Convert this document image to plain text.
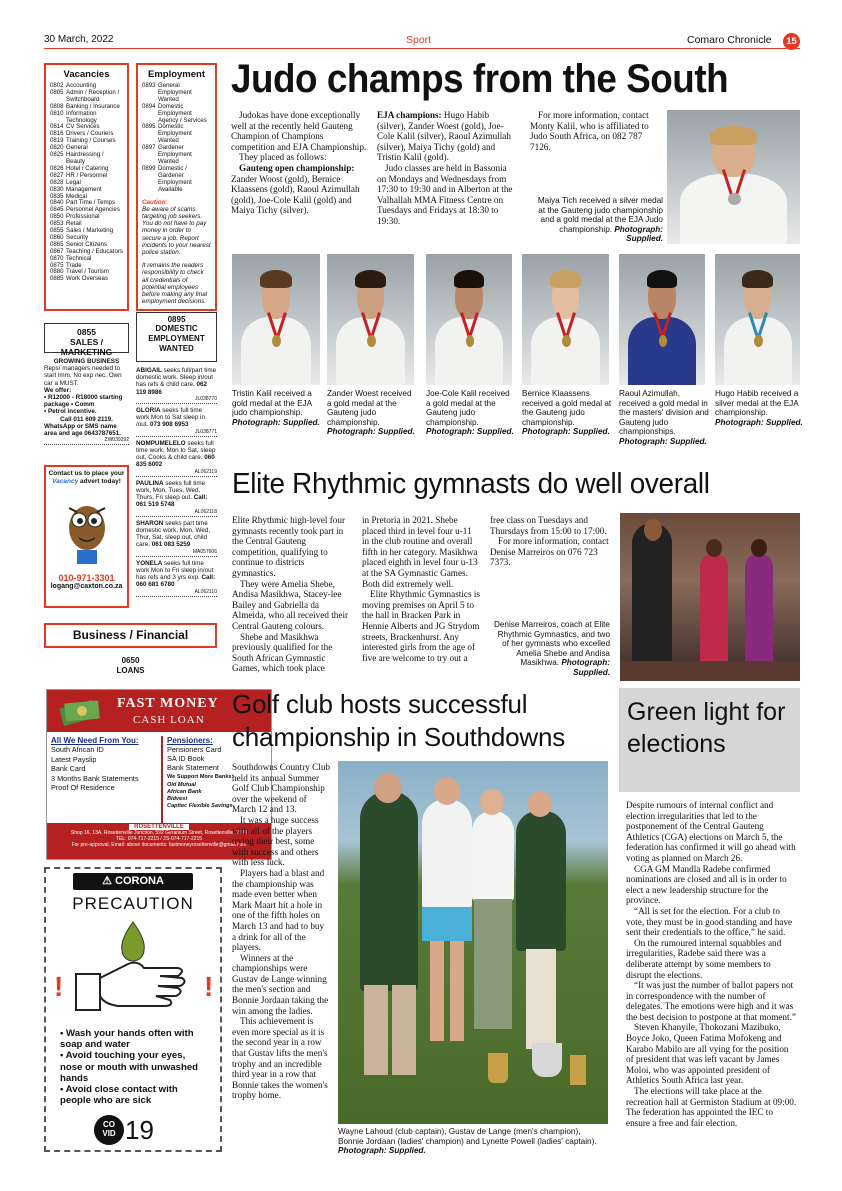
30 March, 2022	Sport	Comaro Chronicle	15
Vacancies
0802 Accounting
0805 Admin / Reception / Switchboard
0808 Banking / Insurance
0810 Information Technology
0814 CV Services
0816 Drivers / Couriers
0819 Training / Courses
0820 General
0825 Hairdressing / Beauty
0826 Hotel / Catering
0827 HR / Personnel
0828 Legal
0830 Management
0835 Medical
0840 Part Time / Temps
0845 Personnel Agencies
0850 Professional
0853 Retail
0855 Sales / Marketing
0860 Security
0865 Senior Citizens
0867 Teaching / Educators
0870 Technical
0875 Trade
0880 Travel / Tourism
0885 Work Overseas
Employment
0893 General Employment Wanted
0894 Domestic Employment Agency / Services
0895 Domestic Employment Wanted
0897 Gardener Employment Wanted
0899 Domestic / Gardener Employment Available
Caution:
Be aware of scams targeting job seekers. You do not have to pay money in order to secure a job. Report incidents to your nearest police station.
It remains the readers responsibility to check all credentials of potential employees before making any final employment decisions.
0855
SALES / MARKETING
GROWING BUSINESS
Reps/ managers needed to start imm. No exp nec. Own car a MUST.
We offer:
• R12000 - R18000 starting package • Comm
• Petrol incentive.
Call 011 609 2119.
WhatsApp or SMS name area and age 0643787651.
ZW039292
0895
DOMESTIC EMPLOYMENT WANTED
ABIGAIL seeks full/part time domestic work. Sleep in/out has refs & child care. 062 119 8986
JL038770
GLORIA seeks full time work Mon to Sat sleep in /out. 073 908 6953
JL038771
NOMPUMELELO seeks full time work, Mon to Sat, sleep out, Cooks & child care. 060 835 6002
AL062119
PAULINA seeks full time work, Mon, Tues, Wed, Thurs, Fri sleep out. Call: 061 519 5748
AL062118
SHARON seeks part time domestic work, Mon, Wed, Thur, Sat, sleep out, child care. 061 083 5259
MA057606
YONELA seeks full time work Mon to Fri sleep in/out has refs and 3 yrs exp. Call: 060 681 6780
AL062110
Contact us to place your
Vacancy advert today!
010-971-3301
logang@caxton.co.za
Business / Financial
0650
LOANS
FAST MONEY
CASH LOAN
All We Need From You:
South African ID
Latest Payslip
Bank Card
3 Months Bank Statements
Proof Of Residence
Pensioners:
Pensioners Card
SA ID Book
Bank Statement
We Support More Banks:
Old Mutual
African Bank
Bidvest
Capitec Flexible Savings
ROSETTENVILLE
Shop 16, 13A, Rosettenville Junction, 592 Geranium Street, Rosettenville, 2190
TEL: 074-717-2215 / 2S-074-717-2215
For pre-approval, Email: above documents: fastmoneyrosettenville@gmail.com
⚠ CORONA
PRECAUTION
!	!
• Wash your hands often with soap and water
• Avoid touching your eyes, nose or mouth with unwashed hands
• Avoid close contact with people who are sick
CO
VID 19
Judo champs from the South

Judokas have done exceptionally well at the recently held Gauteng Champion of Champions competition and EJA Championship.

They placed as follows:

Gauteng open championship: Zander Woost (gold), Bernice Klaassens (gold), Raoul Azimullah (gold), Joe-Cole Kalil (gold) and Maiya Tichy (silver).

EJA champions: Hugo Habib (silver), Zander Woest (gold), Joe-Cole Kalil (silver), Raoul Azimullah (silver), Maiya Tichy (gold) and Tristin Kalil (gold).

Judo classes are held in Bassonia on Mondays and Wednesdays from 17:30 to 19:30 and in Alberton at the Valhallah MMA Fitness Centre on Tuesdays and Fridays at 18:30 to 19:30.

For more information, contact Monty Kalil, who is affiliated to Judo South Africa, on 082 787 7126.

Maiya Tich received a silver medal at the Gauteng judo championship and a gold medal at the EJA Judo championship. Photograph: Supplied.
Tristin Kalil received a gold medal at the EJA judo championship. Photograph: Supplied.
Zander Woest received a gold medal at the Gauteng judo championship. Photograph: Supplied.
Joe-Cole Kalil received a gold medal at the Gauteng judo championship. Photograph: Supplied.
Bernice Klaassens received a gold medal at the Gauteng judo championship. Photograph: Supplied.
Raoul Azimullah, received a gold medal in the masters' division and Gauteng judo championships. Photograph: Supplied.
Hugo Habib received a silver medal at the EJA championship. Photograph: Supplied.
Elite Rhythmic gymnasts do well overall

Elite Rhythmic high-level four gymnasts recently took part in the Central Gauteng competition, qualifying to continue to districts gymnastics.

They were Amelia Shebe, Andisa Masikhwa, Stacey-lee Bailey and Gabriella da Almeida, who all received their Central Gauteng colours.

Shebe and Masikhwa previously qualified for the South African Gymnastic Games, which took place

in Pretoria in 2021. Shebe placed third in level four u-11 in the club routine and overall fifth in her category. Masikhwa placed eighth in level four u-13 at the SA Gymnastic Games. Both did extremely well.

Elite Rhythmic Gymnastics is moving premises on April 5 to the hall in Bracken Park in Hennie Alberts and JG Strydom streets, Brackenhurst. Any interested girls from the age of five are welcome to try out a

free class on Tuesdays and Thursdays from 15:00 to 17:00.

For more information, contact Denise Marreiros on 076 723 7373.

Denise Marreiros, coach at Elite Rhythmic Gymnastics, and two of her gymnasts who excelled Amelia Shebe and Andisa Masikhwa. Photograph: Supplied.
Golf club hosts successful championship in Southdowns

Southdowns Country Club held its annual Summer Golf Club Championship over the weekend of March 12 and 13.

It was a huge success with all of the players trying their best, some with success and others with less luck.

Players had a blast and the championship was made even better when Mark Maart hit a hole in one of the fifth holes on March 13 and had to buy a drink for all of the players.

Winners at the championships were Gustav de Lange winning the men's section and Bonnie Jordaan taking the win among the ladies.

This achievement is even more special as it is the second year in a row that Gustav lifts the men's trophy and an incredible third year in a row that Bonnie takes the women's trophy home.

Wayne Lahoud (club captain), Gustav de Lange (men's champion), Bonnie Jordaan (ladies' champion) and Lynette Powell (ladies' captain). Photograph: Supplied.
Green light for elections

Despite rumours of internal conflict and election irregularities that led to the postponement of the Central Gauteng Athletics (CGA) elections on March 5, the federation has confirmed it will go ahead with voting as planned on March 26.

CGA GM Mandla Radebe confirmed nominations are closed and all is in order to elect a new leadership structure for the province.

“All is set for the election. For a club to vote, they must be in good standing and have sent their credentials to the office,” he said.

On the rumoured internal squabbles and irregularities, Radebe said there was a deliberate attempt by some members to disrupt the elections.

“It was just the number of ballot papers not in correspondence with the number of delegates. The emotions were high and it was the best decision to postpone at that moment.”

Steven Khanyile, Thokozani Mazibuko, Boyce Joko, Queen Fatima Mofokeng and Karabo Mabilo are all vying for the position of president that was left vacant by James Moloi, who was appointed president of Athletics South Africa last year.

The elections will take place at the recreation hall at Germiston Stadium at 09:00. The federation has appointed the IEC to ensure a free and fair election.
